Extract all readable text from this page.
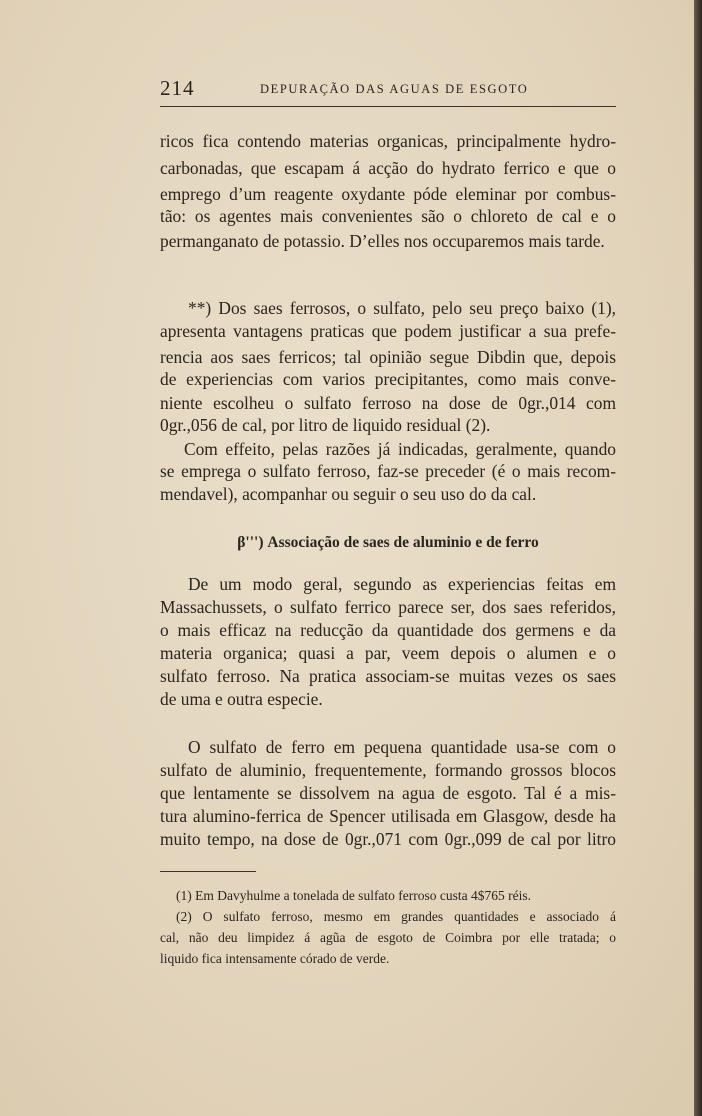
214	DEPURAÇÃO DAS AGUAS DE ESGOTO
ricos fica contendo materias organicas, principalmente hydro-
carbonadas, que escapam á acção do hydrato ferrico e que o
emprego d’um reagente oxydante póde eleminar por combus-
tão: os agentes mais convenientes são o chloreto de cal e o
permanganato de potassio. D’elles nos occuparemos mais tarde.
**) Dos saes ferrosos, o sulfato, pelo seu preço baixo (1),
apresenta vantagens praticas que podem justificar a sua prefe-
rencia aos saes ferricos; tal opinião segue Dibdin que, depois
de experiencias com varios precipitantes, como mais conve-
niente escolheu o sulfato ferroso na dose de 0gr.,014 com
0gr.,056 de cal, por litro de liquido residual (2).
Com effeito, pelas razões já indicadas, geralmente, quando
se emprega o sulfato ferroso, faz-se preceder (é o mais recom-
mendavel), acompanhar ou seguir o seu uso do da cal.
β''') Associação de saes de aluminio e de ferro
De um modo geral, segundo as experiencias feitas em
Massachussets, o sulfato ferrico parece ser, dos saes referidos,
o mais efficaz na reducção da quantidade dos germens e da
materia organica; quasi a par, veem depois o alumen e o
sulfato ferroso. Na pratica associam-se muitas vezes os saes
de uma e outra especie.
O sulfato de ferro em pequena quantidade usa-se com o
sulfato de aluminio, frequentemente, formando grossos blocos
que lentamente se dissolvem na agua de esgoto. Tal é a mis-
tura alumino-ferrica de Spencer utilisada em Glasgow, desde ha
muito tempo, na dose de 0gr.,071 com 0gr.,099 de cal por litro
(1) Em Davyhulme a tonelada de sulfato ferroso custa 4$765 réis.
(2) O sulfato ferroso, mesmo em grandes quantidades e associado á
cal, não deu limpidez á agũa de esgoto de Coimbra por elle tratada; o
liquido fica intensamente córado de verde.
